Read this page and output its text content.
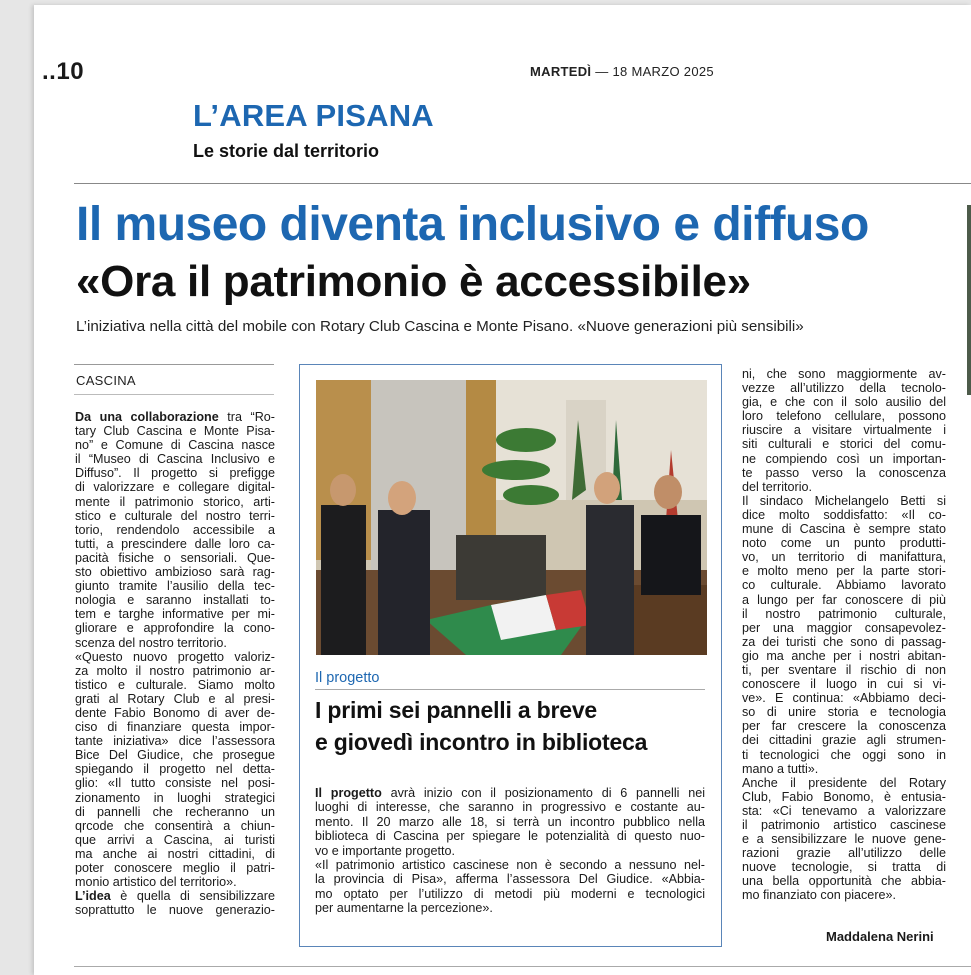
..10	MARTEDÌ — 18 MARZO 2025
L’AREA PISANA
Le storie dal territorio
Il museo diventa inclusivo e diffuso
«Ora il patrimonio è accessibile»
L’iniziativa nella città del mobile con Rotary Club Cascina e Monte Pisano. «Nuove generazioni più sensibili»
CASCINA
Da una collaborazione tra “Ro-
tary Club Cascina e Monte Pisa-
no” e Comune di Cascina nasce
il “Museo di Cascina Inclusivo e
Diffuso”. Il progetto si prefigge
di valorizzare e collegare digital-
mente il patrimonio storico, arti-
stico e culturale del nostro terri-
torio, rendendolo accessibile a
tutti, a prescindere dalle loro ca-
pacità fisiche o sensoriali. Que-
sto obiettivo ambizioso sarà rag-
giunto tramite l’ausilio della tec-
nologia e saranno installati to-
tem e targhe informative per mi-
gliorare e approfondire la cono-
scenza del nostro territorio.
«Questo nuovo progetto valoriz-
za molto il nostro patrimonio ar-
tistico e culturale. Siamo molto
grati al Rotary Club e al presi-
dente Fabio Bonomo di aver de-
ciso di finanziare questa impor-
tante iniziativa» dice l’assessora
Bice Del Giudice, che prosegue
spiegando il progetto nel detta-
glio: «Il tutto consiste nel posi-
zionamento in luoghi strategici
di pannelli che recheranno un
qrcode che consentirà a chiun-
que arrivi a Cascina, ai turisti
ma anche ai nostri cittadini, di
poter conoscere meglio il patri-
monio artistico del territorio».
L’idea è quella di sensibilizzare
soprattutto le nuove generazio-
Il progetto
I primi sei pannelli a breve
e giovedì incontro in biblioteca
Il progetto avrà inizio con il posizionamento di 6 pannelli nei
luoghi di interesse, che saranno in progressivo e costante au-
mento. Il 20 marzo alle 18, si terrà un incontro pubblico nella
biblioteca di Cascina per spiegare le potenzialità di questo nuo-
vo e importante progetto.
«Il patrimonio artistico cascinese non è secondo a nessuno nel-
la provincia di Pisa», afferma l’assessora Del Giudice. «Abbia-
mo optato per l’utilizzo di metodi più moderni e tecnologici
per aumentarne la percezione».
ni, che sono maggiormente av-
vezze all’utilizzo della tecnolo-
gia, e che con il solo ausilio del
loro telefono cellulare, possono
riuscire a visitare virtualmente i
siti culturali e storici del comu-
ne compiendo così un importan-
te passo verso la conoscenza
del territorio.
Il sindaco Michelangelo Betti si
dice molto soddisfatto: «Il co-
mune di Cascina è sempre stato
noto come un punto produtti-
vo, un territorio di manifattura,
e molto meno per la parte stori-
co culturale. Abbiamo lavorato
a lungo per far conoscere di più
il nostro patrimonio culturale,
per una maggior consapevolez-
za dei turisti che sono di passag-
gio ma anche per i nostri abitan-
ti, per sventare il rischio di non
conoscere il luogo in cui si vi-
ve». E continua: «Abbiamo deci-
so di unire storia e tecnologia
per far crescere la conoscenza
dei cittadini grazie agli strumen-
ti tecnologici che oggi sono in
mano a tutti».
Anche il presidente del Rotary
Club, Fabio Bonomo, è entusia-
sta: «Ci tenevamo a valorizzare
il patrimonio artistico cascinese
e a sensibilizzare le nuove gene-
razioni grazie all’utilizzo delle
nuove tecnologie, si tratta di
una bella opportunità che abbia-
mo finanziato con piacere».
Maddalena Nerini
